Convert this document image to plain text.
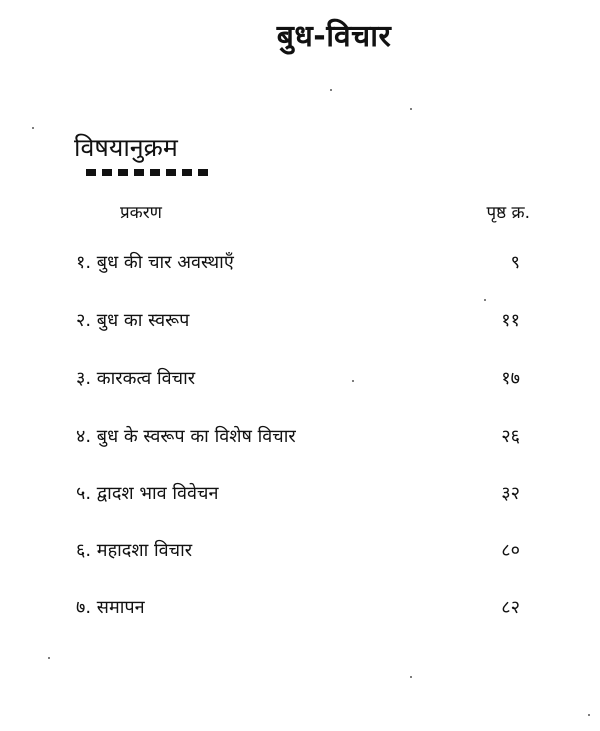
बुध-विचार
विषयानुक्रम
प्रकरण	पृष्ठ क्र.
१. बुध की चार अवस्थाएँ	९
२. बुध का स्वरूप	११
३. कारकत्व विचार	१७
४. बुध के स्वरूप का विशेष विचार	२६
५. द्वादश भाव विवेचन	३२
६. महादशा विचार	८०
७. समापन	८२
